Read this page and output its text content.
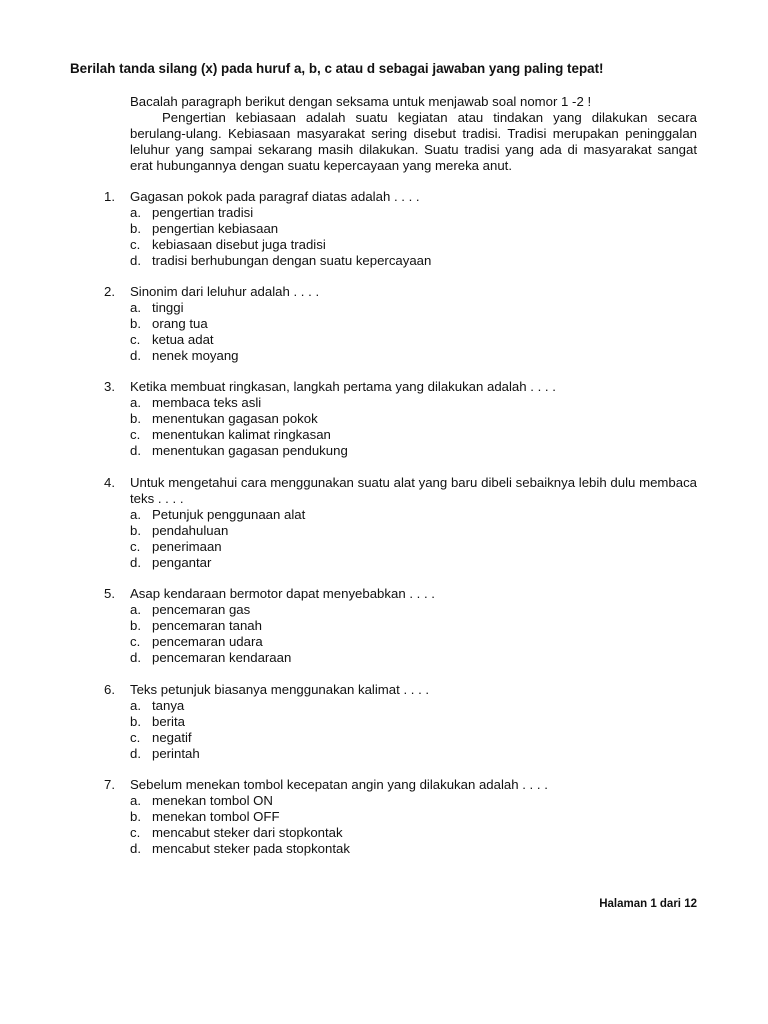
Berilah tanda silang (x) pada huruf a, b, c atau d sebagai jawaban yang paling tepat!
Bacalah paragraph berikut dengan seksama untuk menjawab soal nomor 1 -2 !
Pengertian kebiasaan adalah suatu kegiatan atau tindakan yang dilakukan secara berulang-ulang. Kebiasaan masyarakat sering disebut tradisi. Tradisi merupakan peninggalan leluhur yang sampai sekarang masih dilakukan. Suatu tradisi yang ada di masyarakat sangat erat hubungannya dengan suatu kepercayaan yang mereka anut.
1. Gagasan pokok pada paragraf diatas adalah . . . .
a. pengertian tradisi
b. pengertian kebiasaan
c. kebiasaan disebut juga tradisi
d. tradisi berhubungan dengan suatu kepercayaan
2. Sinonim dari leluhur adalah . . . .
a. tinggi
b. orang tua
c. ketua adat
d. nenek moyang
3. Ketika membuat ringkasan, langkah pertama yang dilakukan adalah . . . .
a. membaca teks asli
b. menentukan gagasan pokok
c. menentukan kalimat ringkasan
d. menentukan gagasan pendukung
4. Untuk mengetahui cara menggunakan suatu alat yang baru dibeli sebaiknya lebih dulu membaca teks . . . .
a. Petunjuk penggunaan alat
b. pendahuluan
c. penerimaan
d. pengantar
5. Asap kendaraan bermotor dapat menyebabkan . . . .
a. pencemaran gas
b. pencemaran tanah
c. pencemaran udara
d. pencemaran kendaraan
6. Teks petunjuk biasanya menggunakan kalimat . . . .
a. tanya
b. berita
c. negatif
d. perintah
7. Sebelum menekan tombol kecepatan angin yang dilakukan adalah . . . .
a. menekan tombol ON
b. menekan tombol OFF
c. mencabut steker dari stopkontak
d. mencabut steker pada stopkontak
Halaman 1 dari 12
